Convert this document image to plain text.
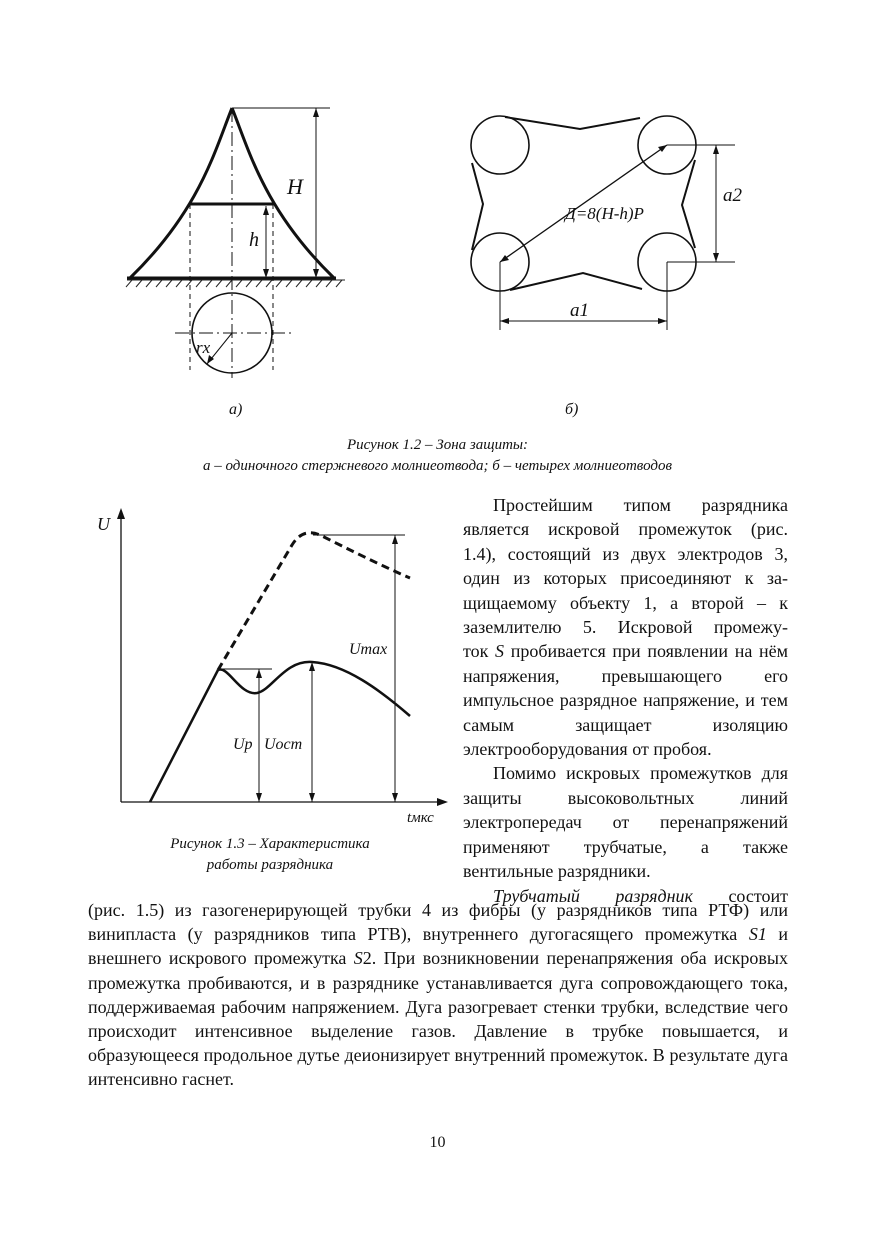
H
h
rx
Д=8(H-h)P
a2
a1
а)	б)
Рисунок 1.2 – Зона защиты:
а – одиночного стержневого молниеотвода; б – четырех молниеотводов
U
tмкс
Umax
Up Uост
Рисунок 1.3 – Характеристика
работы разрядника

Простейшим типом разрядника
является искровой промежуток (рис.
1.4), состоящий из двух электродов 3,
один из которых присоединяют к за-
щищаемому объекту 1, а второй – к
заземлителю 5. Искровой промежу-
ток S пробивается при появлении на нём напряжения, превышающего его импульсное разрядное напряжение, и тем самым защищает изоляцию электрооборудования от пробоя.

Помимо искровых промежутков для защиты высоковольтных линий электропередач от перенапряжений применяют трубчатые, а также вентильные разрядники.

Трубчатый разрядник состоит

(рис. 1.5) из газогенерирующей трубки 4 из фибры (у разрядников типа РТФ) или винипласта (у разрядников типа РТВ), внутреннего дугогасящего промежутка S1 и внешнего искрового промежутка S2. При возникновении перенапряжения оба искровых промежутка пробиваются, и в разряднике устанавливается дуга сопровождающего тока, поддерживаемая рабочим напряжением. Дуга разогревает стенки трубки, вследствие чего происходит интенсивное выделение газов. Давление в трубке повышается, и образующееся продольное дутье деионизирует внутренний промежуток. В результате дуга интенсивно гаснет.

10
